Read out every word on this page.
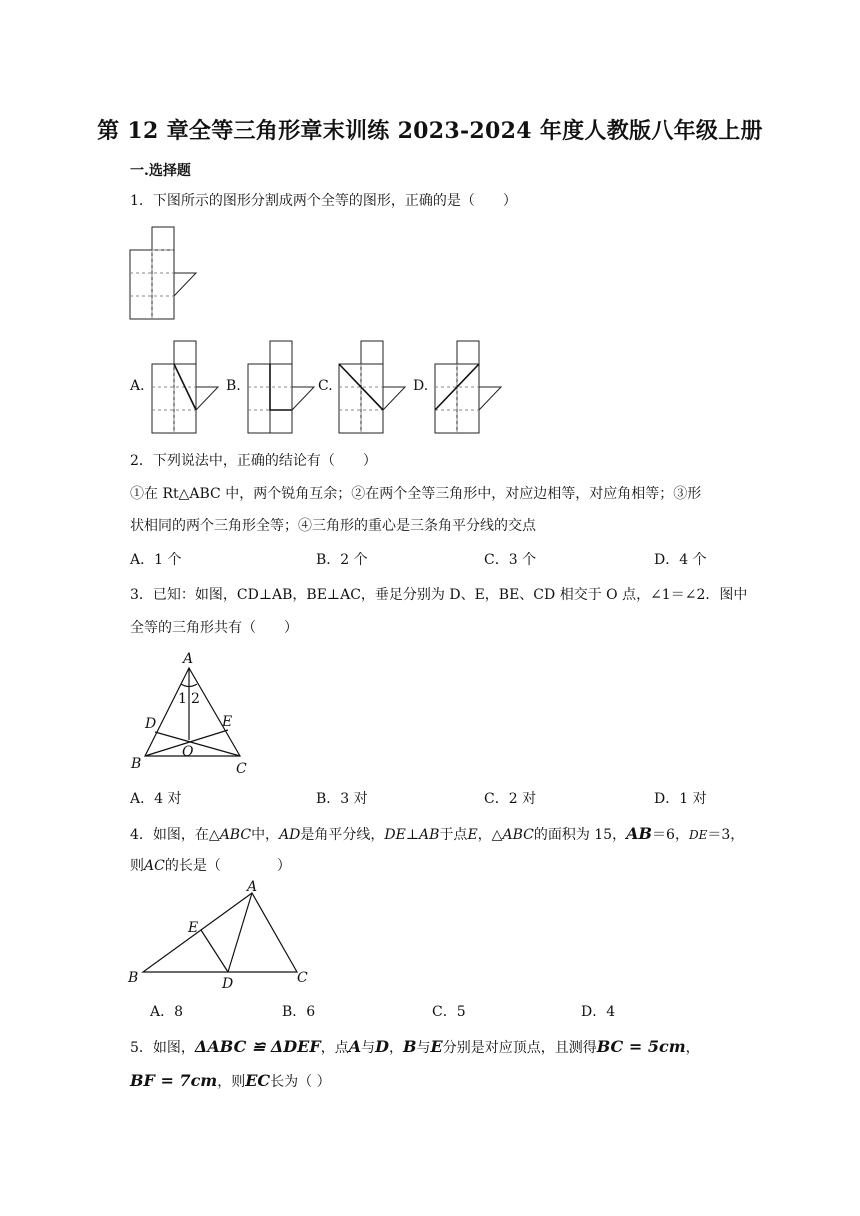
第 12 章全等三角形章末训练 2023-2024 年度人教版八年级上册
一.选择题
1．下图所示的图形分割成两个全等的图形，正确的是（　　）
A.	B.	C.	D.
2．下列说法中，正确的结论有（　　）
①在 Rt△ABC 中，两个锐角互余；②在两个全等三角形中，对应边相等，对应角相等；③形
状相同的两个三角形全等；④三角形的重心是三条角平分线的交点
A．1 个	B．2 个	C．3 个	D．4 个
3．已知：如图，CD⊥AB，BE⊥AC，垂足分别为 D、E，BE、CD 相交于 O 点，∠1＝∠2．图中
全等的三角形共有（　　）
A
1 2
D	E
O
B	C
A．4 对	B．3 对	C．2 对	D．1 对
4．如图，在△ABC中，AD是角平分线，DE⊥AB于点E，△ABC的面积为 15，AB＝6，DE＝3，
则AC的长是（　　　　）
A
E
B	D	C
A．8	B．6	C．5	D．4
5．如图，ΔABC ≌ ΔDEF，点A与D，B与E分别是对应顶点，且测得BC = 5cm，
BF = 7cm，则EC长为（ ）
